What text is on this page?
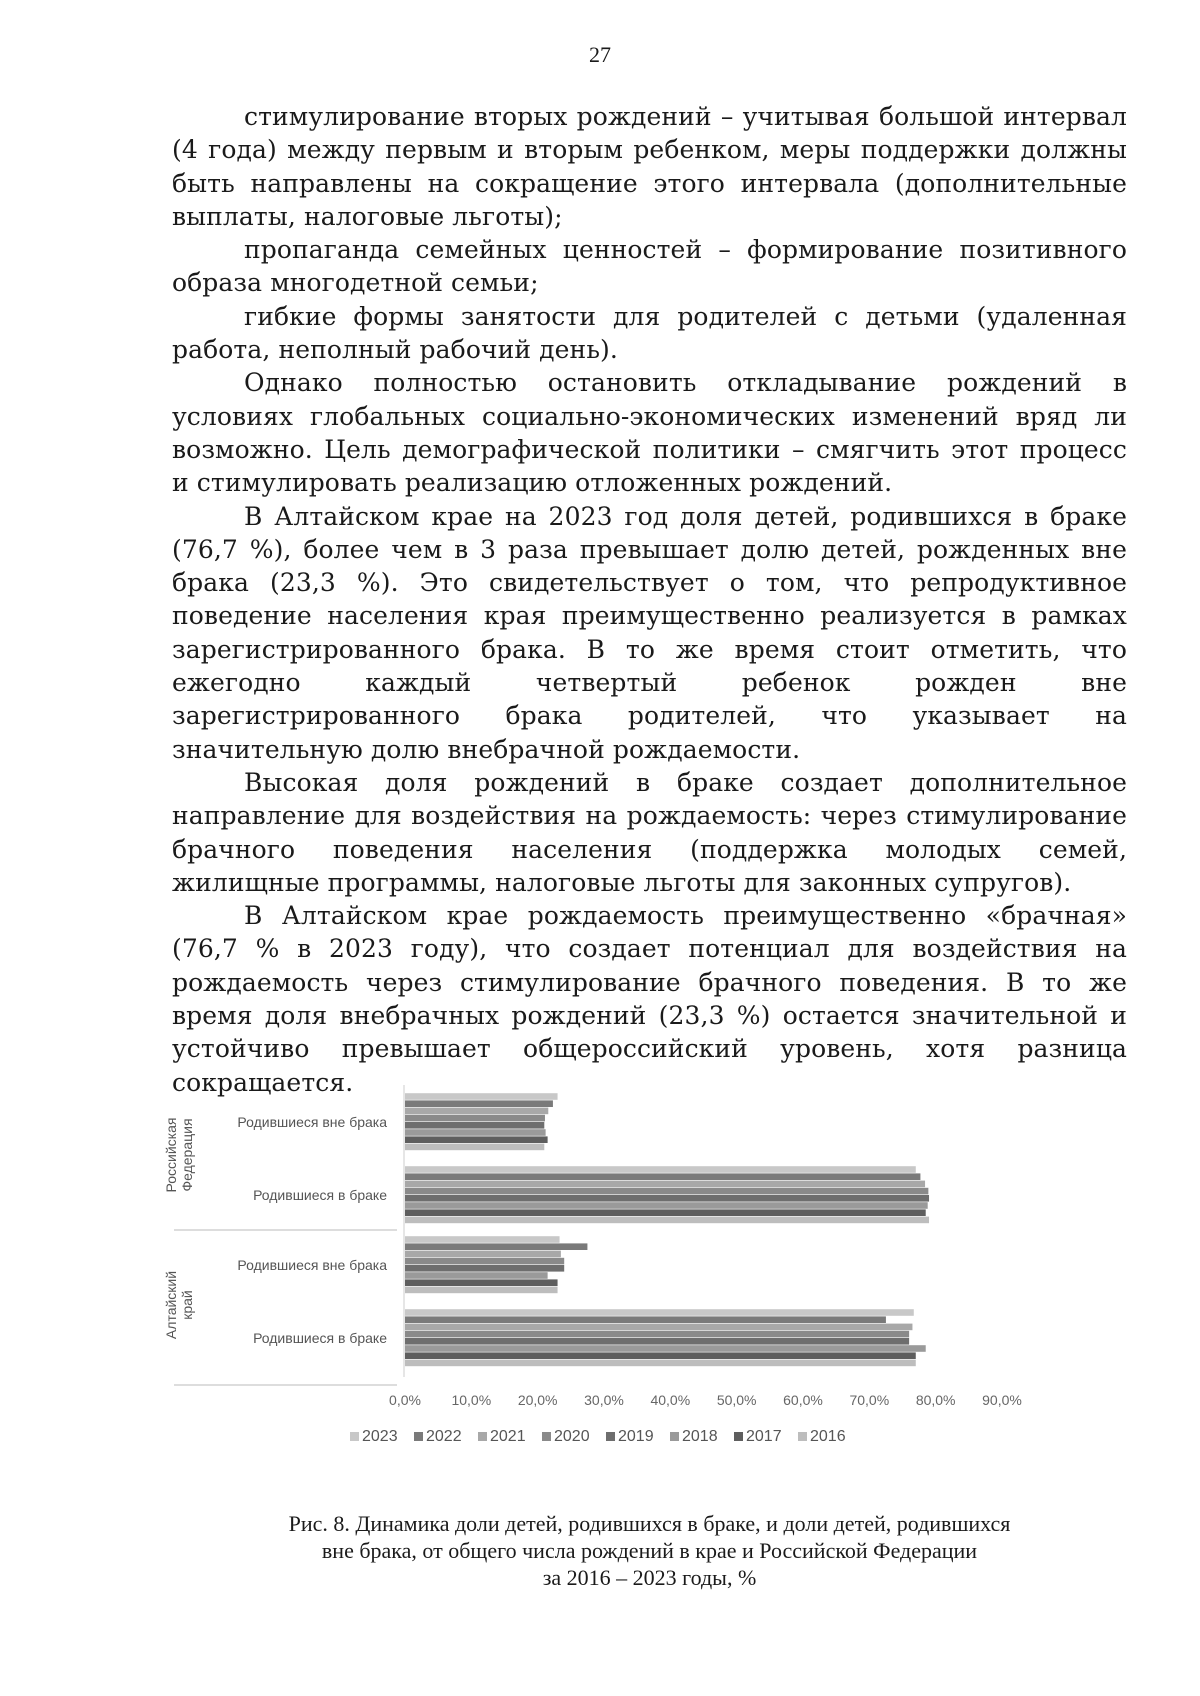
27

стимулирование вторых рождений – учитывая большой интервал (4 года) между первым и вторым ребенком, меры поддержки должны быть направлены на сокращение этого интервала (дополнительные выплаты, налоговые льготы);

пропаганда семейных ценностей – формирование позитивного образа многодетной семьи;

гибкие формы занятости для родителей с детьми (удаленная работа, неполный рабочий день).

Однако полностью остановить откладывание рождений в условиях глобальных социально-экономических изменений вряд ли возможно. Цель демографической политики – смягчить этот процесс и стимулировать реализацию отложенных рождений.

В Алтайском крае на 2023 год доля детей, родившихся в браке (76,7 %), более чем в 3 раза превышает долю детей, рожденных вне брака (23,3 %). Это свидетельствует о том, что репродуктивное поведение населения края преимущественно реализуется в рамках зарегистрированного брака. В то же время стоит отметить, что ежегодно каждый четвертый ребенок рожден вне зарегистрированного брака родителей, что указывает на значительную долю внебрачной рождаемости.

Высокая доля рождений в браке создает дополнительное направление для воздействия на рождаемость: через стимулирование брачного поведения населения (поддержка молодых семей, жилищные программы, налоговые льготы для законных супругов).

В Алтайском крае рождаемость преимущественно «брачная» (76,7 % в 2023 году), что создает потенциал для воздействия на рождаемость через стимулирование брачного поведения. В то же время доля внебрачных рождений (23,3 %) остается значительной и устойчиво превышает общероссийский уровень, хотя разница сокращается.

РоссийскаяФедерация
Алтайскийкрай
Родившиеся вне брака
Родившиеся в браке
Родившиеся вне брака
Родившиеся в браке
0,0% 10,0% 20,0% 30,0% 40,0% 50,0% 60,0% 70,0% 80,0% 90,0%
2023 2022 2021 2020 2019 2018 2017 2016
Рис. 8. Динамика доли детей, родившихся в браке, и доли детей, родившихся
вне брака, от общего числа рождений в крае и Российской Федерации
за 2016 – 2023 годы, %
